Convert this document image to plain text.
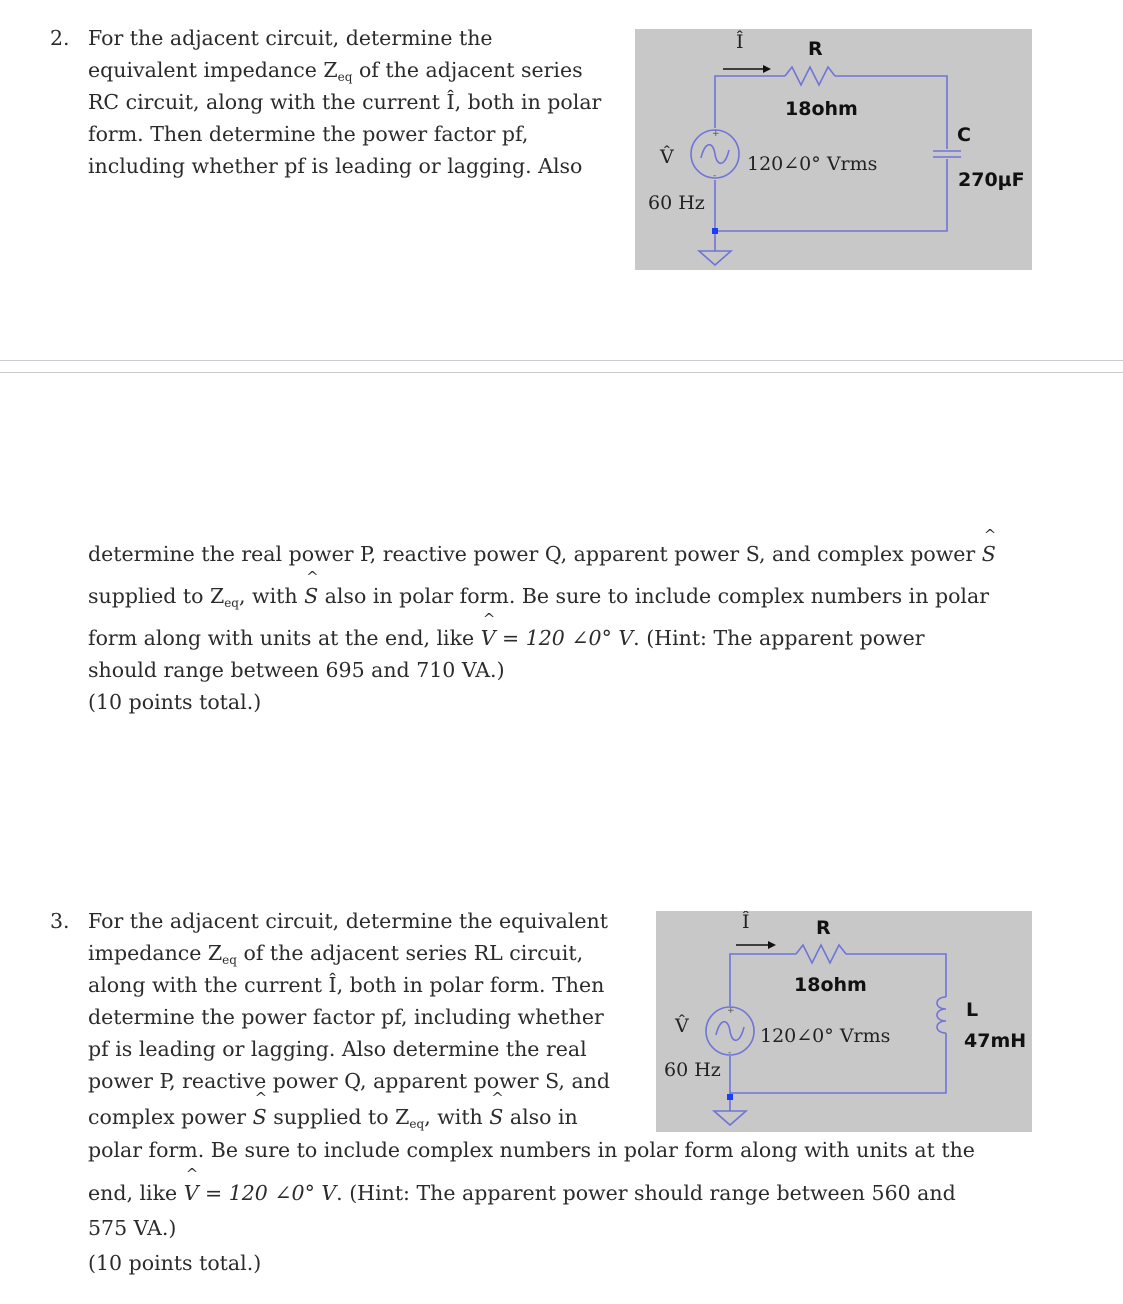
2. For the adjacent circuit, determine the
equivalent impedance $Z_{eq}$ of the adjacent series
RC circuit, along with the current Î, both in polar
form. Then determine the power factor pf,
including whether pf is leading or lagging. Also
+
-
Î	R
18ohm
V̂	120∠0° Vrms
60 Hz
C
270µF
determine the real power P, reactive power Q, apparent power S, and complex power
^
S
supplied to $Z_{eq}$, with
^
S also in polar form. Be sure to include complex numbers in polar
form along with units at the end, like
^
V = 120 ∠0° V. (Hint: The apparent power
should range between 695 and 710 VA.)
(10 points total.)
3. For the adjacent circuit, determine the equivalent
impedance $Z_{eq}$ of the adjacent series RL circuit,
along with the current Î, both in polar form. Then
determine the power factor pf, including whether
pf is leading or lagging. Also determine the real
power P, reactive power Q, apparent power S, and
complex power
^
S supplied to $Z_{eq}$, with
^
S also in
polar form. Be sure to include complex numbers in polar form along with units at the
end, like
^
V = 120 ∠0° V. (Hint: The apparent power should range between 560 and
575 VA.)
(10 points total.)
+
-
Î	R
18ohm
V̂	120∠0° Vrms
60 Hz
L
47mH
